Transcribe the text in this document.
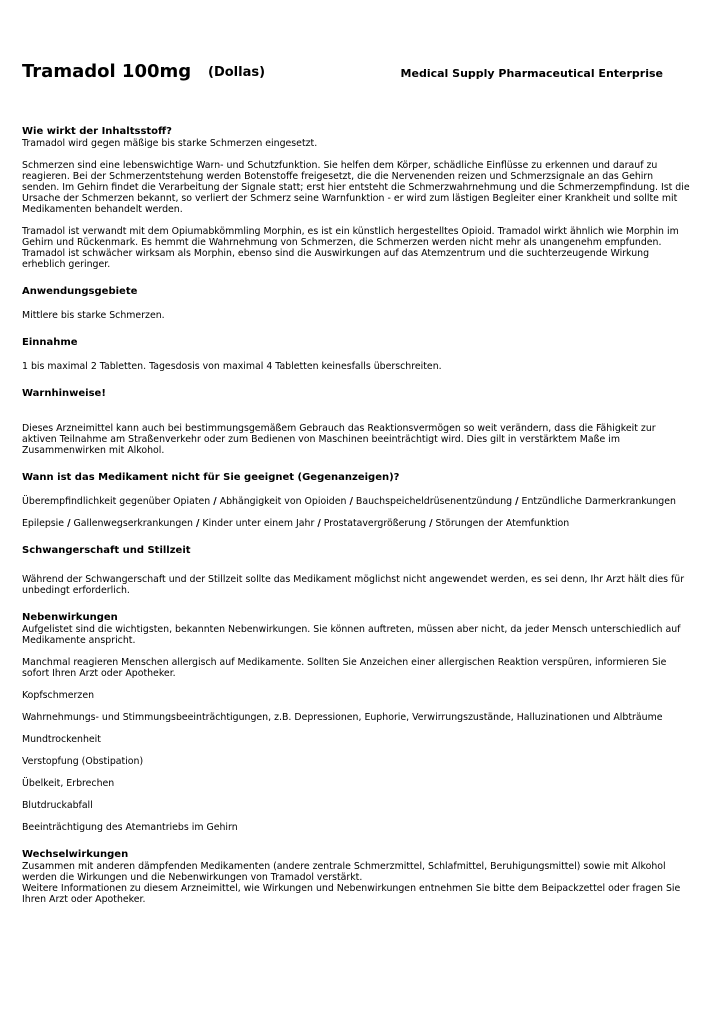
Tramadol 100mg (Dollas)	Medical Supply Pharmaceutical Enterprise
Wie wirkt der Inhaltsstoff?

Tramadol wird gegen mäßige bis starke Schmerzen eingesetzt.

Schmerzen sind eine lebenswichtige Warn- und Schutzfunktion. Sie helfen dem Körper, schädliche Einflüsse zu erkennen und darauf zu reagieren. Bei der Schmerzentstehung werden Botenstoffe freigesetzt, die die Nervenenden reizen und Schmerzsignale an das Gehirn senden. Im Gehirn findet die Verarbeitung der Signale statt; erst hier entsteht die Schmerzwahrnehmung und die Schmerzempfindung. Ist die Ursache der Schmerzen bekannt, so verliert der Schmerz seine Warnfunktion - er wird zum lästigen Begleiter einer Krankheit und sollte mit Medikamenten behandelt werden.

Tramadol ist verwandt mit dem Opiumabkömmling Morphin, es ist ein künstlich hergestelltes Opioid. Tramadol wirkt ähnlich wie Morphin im Gehirn und Rückenmark. Es hemmt die Wahrnehmung von Schmerzen, die Schmerzen werden nicht mehr als unangenehm empfunden. Tramadol ist schwächer wirksam als Morphin, ebenso sind die Auswirkungen auf das Atemzentrum und die suchterzeugende Wirkung erheblich geringer.

Anwendungsgebiete

Mittlere bis starke Schmerzen.

Einnahme

1 bis maximal 2 Tabletten. Tagesdosis von maximal 4 Tabletten keinesfalls überschreiten.

Warnhinweise!

Dieses Arzneimittel kann auch bei bestimmungsgemäßem Gebrauch das Reaktionsvermögen so weit verändern, dass die Fähigkeit zur aktiven Teilnahme am Straßenverkehr oder zum Bedienen von Maschinen beeinträchtigt wird. Dies gilt in verstärktem Maße im Zusammenwirken mit Alkohol.

Wann ist das Medikament nicht für Sie geeignet (Gegenanzeigen)?

Überempfindlichkeit gegenüber Opiaten / Abhängigkeit von Opioiden / Bauchspeicheldrüsenentzündung / Entzündliche Darmerkrankungen

Epilepsie / Gallenwegserkrankungen / Kinder unter einem Jahr / Prostatavergrößerung / Störungen der Atemfunktion

Schwangerschaft und Stillzeit

Während der Schwangerschaft und der Stillzeit sollte das Medikament möglichst nicht angewendet werden, es sei denn, Ihr Arzt hält dies für unbedingt erforderlich.

Nebenwirkungen

Aufgelistet sind die wichtigsten, bekannten Nebenwirkungen. Sie können auftreten, müssen aber nicht, da jeder Mensch unterschiedlich auf Medikamente anspricht.

Manchmal reagieren Menschen allergisch auf Medikamente. Sollten Sie Anzeichen einer allergischen Reaktion verspüren, informieren Sie sofort Ihren Arzt oder Apotheker.

Kopfschmerzen

Wahrnehmungs- und Stimmungsbeeinträchtigungen, z.B. Depressionen, Euphorie, Verwirrungszustände, Halluzinationen und Albträume

Mundtrockenheit

Verstopfung (Obstipation)

Übelkeit, Erbrechen

Blutdruckabfall

Beeinträchtigung des Atemantriebs im Gehirn

Wechselwirkungen

Zusammen mit anderen dämpfenden Medikamenten (andere zentrale Schmerzmittel, Schlafmittel, Beruhigungsmittel) sowie mit Alkohol werden die Wirkungen und die Nebenwirkungen von Tramadol verstärkt.

Weitere Informationen zu diesem Arzneimittel, wie Wirkungen und Nebenwirkungen entnehmen Sie bitte dem Beipackzettel oder fragen Sie Ihren Arzt oder Apotheker.
